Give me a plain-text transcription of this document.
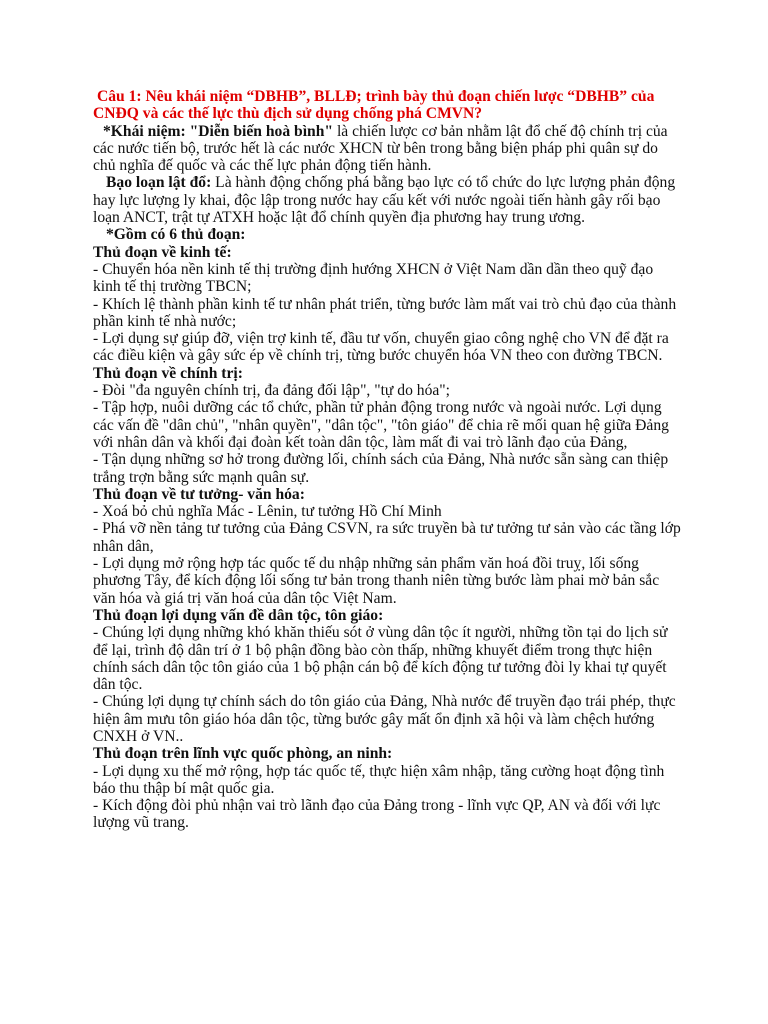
Câu 1: Nêu khái niệm “DBHB”, BLLĐ; trình bày thủ đoạn chiến lược “DBHB” của CNĐQ và các thế lực thù địch sử dụng chống phá CMVN?

*Khái niệm: "Diễn biến hoà bình" là chiến lược cơ bản nhằm lật đổ chế độ chính trị của các nước tiến bộ, trước hết là các nước XHCN từ bên trong bằng biện pháp phi quân sự do chủ nghĩa đế quốc và các thế lực phản động tiến hành.

Bạo loạn lật đổ: Là hành động chống phá bằng bạo lực có tổ chức do lực lượng phản động hay lực lượng ly khai, độc lập trong nước hay cấu kết với nước ngoài tiến hành gây rối bạo loạn ANCT, trật tự ATXH hoặc lật đổ chính quyền địa phương hay trung ương.

*Gồm có 6 thủ đoạn:

Thủ đoạn về kinh tế:

- Chuyển hóa nền kinh tế thị trường định hướng XHCN ở Việt Nam dần dần theo quỹ đạo kinh tế thị trường TBCN;

- Khích lệ thành phần kinh tế tư nhân phát triển, từng bước làm mất vai trò chủ đạo của thành phần kinh tế nhà nước;

- Lợi dụng sự giúp đỡ, viện trợ kinh tế, đầu tư vốn, chuyển giao công nghệ cho VN để đặt ra các điều kiện và gây sức ép về chính trị, từng bước chuyển hóa VN theo con đường TBCN.

Thủ đoạn về chính trị:

- Đòi "đa nguyên chính trị, đa đảng đối lập", "tự do hóa";

- Tập hợp, nuôi dưỡng các tổ chức, phần tử phản động trong nước và ngoài nước. Lợi dụng các vấn đề "dân chủ", "nhân quyền", "dân tộc", "tôn giáo" để chia rẽ mối quan hệ giữa Đảng với nhân dân và khối đại đoàn kết toàn dân tộc, làm mất đi vai trò lãnh đạo của Đảng,

- Tận dụng những sơ hở trong đường lối, chính sách của Đảng, Nhà nước sẵn sàng can thiệp trắng trợn bằng sức mạnh quân sự.

Thủ đoạn về tư tưởng- văn hóa:

- Xoá bỏ chủ nghĩa Mác - Lênin, tư tưởng Hồ Chí Minh

- Phá vỡ nền tảng tư tưởng của Đảng CSVN, ra sức truyền bà tư tưởng tư sản vào các tầng lớp nhân dân,

- Lợi dụng mở rộng hợp tác quốc tế du nhập những sản phẩm văn hoá đồi truỵ, lối sống phương Tây, để kích động lối sống tư bản trong thanh niên từng bước làm phai mờ bản sắc văn hóa và giá trị văn hoá của dân tộc Việt Nam.

Thủ đoạn lợi dụng vấn đề dân tộc, tôn giáo:

- Chúng lợi dụng những khó khăn thiếu sót ở vùng dân tộc ít người, những tồn tại do lịch sử để lại, trình độ dân trí ở 1 bộ phận đồng bào còn thấp, những khuyết điểm trong thực hiện chính sách dân tộc tôn giáo của 1 bộ phận cán bộ để kích động tư tưởng đòi ly khai tự quyết dân tộc.

- Chúng lợi dụng tự chính sách do tôn giáo của Đảng, Nhà nước để truyền đạo trái phép, thực hiện âm mưu tôn giáo hóa dân tộc, từng bước gây mất ổn định xã hội và làm chệch hướng CNXH ở VN..

Thủ đoạn trên lĩnh vực quốc phòng, an ninh:

- Lợi dụng xu thế mở rộng, hợp tác quốc tế, thực hiện xâm nhập, tăng cường hoạt động tình báo thu thập bí mật quốc gia.

- Kích động đòi phủ nhận vai trò lãnh đạo của Đảng trong - lĩnh vực QP, AN và đối với lực lượng vũ trang.
